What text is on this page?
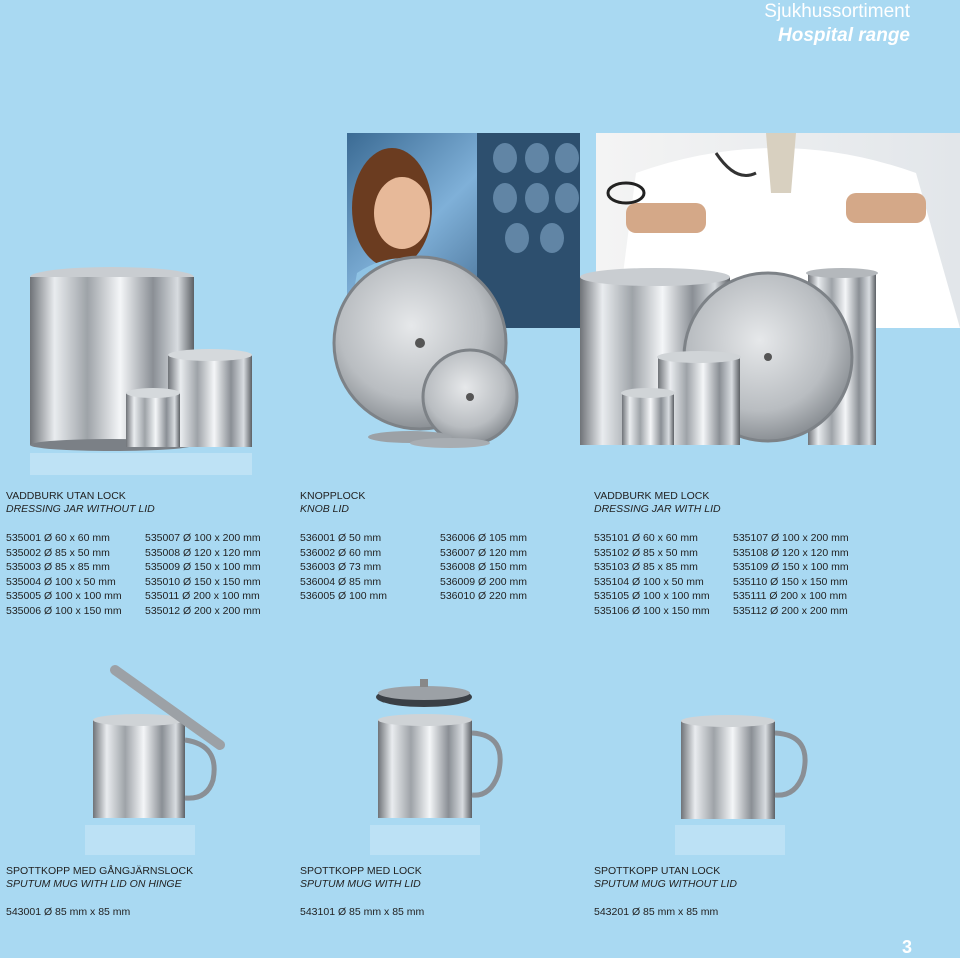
Sjukhussortiment
Hospital range
VADDBURK UTAN LOCK
DRESSING JAR WITHOUT LID
535001 Ø 60 x 60 mm
535002 Ø 85 x 50 mm
535003 Ø 85 x 85 mm
535004 Ø 100 x 50 mm
535005 Ø 100 x 100 mm
535006 Ø 100 x 150 mm
535007 Ø 100 x 200 mm
535008 Ø 120 x 120 mm
535009 Ø 150 x 100 mm
535010 Ø 150 x 150 mm
535011 Ø 200 x 100 mm
535012 Ø 200 x 200 mm
KNOPPLOCK
KNOB LID
536001 Ø 50 mm
536002 Ø 60 mm
536003 Ø 73 mm
536004 Ø 85 mm
536005 Ø 100 mm
536006 Ø 105 mm
536007 Ø 120 mm
536008 Ø 150 mm
536009 Ø 200 mm
536010 Ø 220 mm
VADDBURK MED LOCK
DRESSING JAR WITH LID
535101 Ø 60 x 60 mm
535102 Ø 85 x 50 mm
535103 Ø 85 x 85 mm
535104 Ø 100 x 50 mm
535105 Ø 100 x 100 mm
535106 Ø 100 x 150 mm
535107 Ø 100 x 200 mm
535108 Ø 120 x 120 mm
535109 Ø 150 x 100 mm
535110 Ø 150 x 150 mm
535111 Ø 200 x 100 mm
535112 Ø 200 x 200 mm
SPOTTKOPP MED GÅNGJÄRNSLOCK
SPUTUM MUG WITH LID ON HINGE
543001 Ø 85 mm x 85 mm
SPOTTKOPP MED LOCK
SPUTUM MUG WITH LID
543101 Ø 85 mm x 85 mm
SPOTTKOPP UTAN LOCK
SPUTUM MUG WITHOUT LID
543201 Ø 85 mm x 85 mm
3
